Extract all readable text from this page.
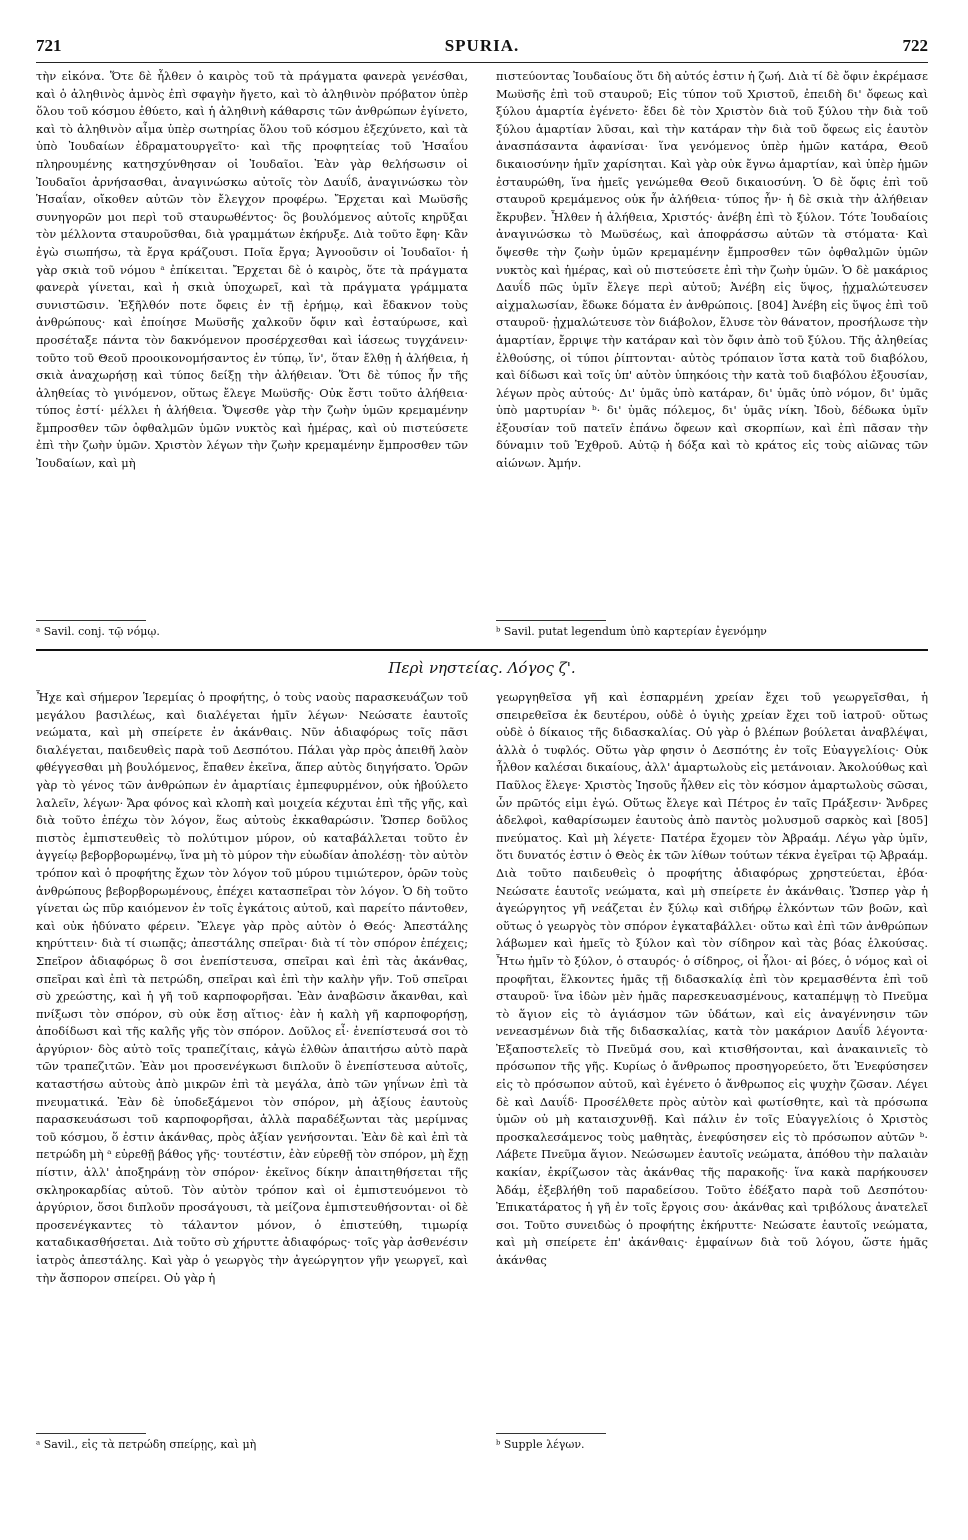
721	SPURIA.	722

τὴν εἰκόνα. Ὅτε δὲ ἦλθεν ὁ καιρὸς τοῦ τὰ πράγματα φανερὰ γενέσθαι, καὶ ὁ ἀληθινὸς ἀμνὸς ἐπὶ σφαγὴν ἤγετο, καὶ τὸ ἀληθινὸν πρόβατον ὑπὲρ ὅλου τοῦ κόσμου ἐθύετο, καὶ ἡ ἀληθινὴ κάθαρσις τῶν ἀνθρώπων ἐγίνετο, καὶ τὸ ἀληθινὸν αἷμα ὑπὲρ σωτηρίας ὅλου τοῦ κόσμου ἐξεχύνετο, καὶ τὰ ὑπὸ Ἰουδαίων ἐδραματουργεῖτο· καὶ τῆς προφητείας τοῦ Ἡσαΐου πληρουμένης κατησχύνθησαν οἱ Ἰουδαῖοι. Ἐὰν γὰρ θελήσωσιν οἱ Ἰουδαῖοι ἀρνήσασθαι, ἀναγινώσκω αὐτοῖς τὸν Δαυΐδ, ἀναγινώσκω τὸν Ἡσαΐαν, οἴκοθεν αὐτῶν τὸν ἔλεγχον προφέρω. Ἔρχεται καὶ Μωϋσῆς συνηγορῶν μοι περὶ τοῦ σταυρωθέντος· ὃς βουλόμενος αὐτοῖς κηρῦξαι τὸν μέλλοντα σταυροῦσθαι, διὰ γραμμάτων ἐκήρυξε. Διὰ τοῦτο ἔφη· Κἂν ἐγὼ σιωπήσω, τὰ ἔργα κράζουσι. Ποῖα ἔργα; Ἀγνοοῦσιν οἱ Ἰουδαῖοι· ἡ γὰρ σκιὰ τοῦ νόμου ᵃ ἐπίκειται. Ἔρχεται δὲ ὁ καιρὸς, ὅτε τὰ πράγματα φανερὰ γίνεται, καὶ ἡ σκιὰ ὑποχωρεῖ, καὶ τὰ πράγματα γράμματα συνιστῶσιν. Ἐξῆλθόν ποτε ὄφεις ἐν τῇ ἐρήμῳ, καὶ ἔδακνον τοὺς ἀνθρώπους· καὶ ἐποίησε Μωϋσῆς χαλκοῦν ὄφιν καὶ ἐσταύρωσε, καὶ προσέταξε πάντα τὸν δακνόμενον προσέρχεσθαι καὶ ἰάσεως τυγχάνειν· τοῦτο τοῦ Θεοῦ προοικονομήσαντος ἐν τύπῳ, ἵν', ὅταν ἔλθῃ ἡ ἀλήθεια, ἡ σκιὰ ἀναχωρήσῃ καὶ τύπος δείξῃ τὴν ἀλήθειαν. Ὅτι δὲ τύπος ἦν τῆς ἀληθείας τὸ γινόμενον, οὕτως ἔλεγε Μωϋσῆς· Οὐκ ἔστι τοῦτο ἀλήθεια· τύπος ἐστί· μέλλει ἡ ἀλήθεια. Ὄψεσθε γὰρ τὴν ζωὴν ὑμῶν κρεμαμένην ἔμπροσθεν τῶν ὀφθαλμῶν ὑμῶν νυκτὸς καὶ ἡμέρας, καὶ οὐ πιστεύσετε ἐπὶ τὴν ζωὴν ὑμῶν. Χριστὸν λέγων τὴν ζωὴν κρεμαμένην ἔμπροσθεν τῶν Ἰουδαίων, καὶ μὴ

ᵃ Savil. conj. τῷ νόμῳ.

πιστεύοντας Ἰουδαίους ὅτι δὴ αὐτός ἐστιν ἡ ζωή. Διὰ τί δὲ ὄφιν ἐκρέμασε Μωϋσῆς ἐπὶ τοῦ σταυροῦ; Εἰς τύπον τοῦ Χριστοῦ, ἐπειδὴ δι' ὄφεως καὶ ξύλου ἁμαρτία ἐγένετο· ἔδει δὲ τὸν Χριστὸν διὰ τοῦ ξύλου τὴν διὰ τοῦ ξύλου ἁμαρτίαν λῦσαι, καὶ τὴν κατάραν τὴν διὰ τοῦ ὄφεως εἰς ἑαυτὸν ἀνασπάσαντα ἀφανίσαι· ἵνα γενόμενος ὑπὲρ ἡμῶν κατάρα, Θεοῦ δικαιοσύνην ἡμῖν χαρίσηται. Καὶ γὰρ οὐκ ἔγνω ἁμαρτίαν, καὶ ὑπὲρ ἡμῶν ἐσταυρώθη, ἵνα ἡμεῖς γενώμεθα Θεοῦ δικαιοσύνη. Ὁ δὲ ὄφις ἐπὶ τοῦ σταυροῦ κρεμάμενος οὐκ ἦν ἀλήθεια· τύπος ἦν· ἡ δὲ σκιὰ τὴν ἀλήθειαν ἔκρυβεν. Ἦλθεν ἡ ἀλήθεια, Χριστός· ἀνέβη ἐπὶ τὸ ξύλον. Τότε Ἰουδαίοις ἀναγινώσκω τὸ Μωϋσέως, καὶ ἀποφράσσω αὐτῶν τὰ στόματα· Καὶ ὄψεσθε τὴν ζωὴν ὑμῶν κρεμαμένην ἔμπροσθεν τῶν ὀφθαλμῶν ὑμῶν νυκτὸς καὶ ἡμέρας, καὶ οὐ πιστεύσετε ἐπὶ τὴν ζωὴν ὑμῶν. Ὁ δὲ μακάριος Δαυΐδ πῶς ὑμῖν ἔλεγε περὶ αὐτοῦ; Ἀνέβη εἰς ὕψος, ᾐχμαλώτευσεν αἰχμαλωσίαν, ἔδωκε δόματα ἐν ἀνθρώποις. [804] Ἀνέβη εἰς ὕψος ἐπὶ τοῦ σταυροῦ· ᾐχμαλώτευσε τὸν διάβολον, ἔλυσε τὸν θάνατον, προσήλωσε τὴν ἁμαρτίαν, ἔρριψε τὴν κατάραν καὶ τὸν ὄφιν ἀπὸ τοῦ ξύλου. Τῆς ἀληθείας ἐλθούσης, οἱ τύποι ῥίπτονται· αὐτὸς τρόπαιον ἵστα κατὰ τοῦ διαβόλου, καὶ δίδωσι καὶ τοῖς ὑπ' αὐτὸν ὑπηκόοις τὴν κατὰ τοῦ διαβόλου ἐξουσίαν, λέγων πρὸς αὐτούς· Δι' ὑμᾶς ὑπὸ κατάραν, δι' ὑμᾶς ὑπὸ νόμον, δι' ὑμᾶς ὑπὸ μαρτυρίαν ᵇ· δι' ὑμᾶς πόλεμος, δι' ὑμᾶς νίκη. Ἰδοὺ, δέδωκα ὑμῖν ἐξουσίαν τοῦ πατεῖν ἐπάνω ὄφεων καὶ σκορπίων, καὶ ἐπὶ πᾶσαν τὴν δύναμιν τοῦ Ἐχθροῦ. Αὐτῷ ἡ δόξα καὶ τὸ κράτος εἰς τοὺς αἰῶνας τῶν αἰώνων. Ἀμήν.

ᵇ Savil. putat legendum ὑπὸ καρτερίαν ἐγενόμην

Περὶ νηστείας. Λόγος ζ'.

Ἦχε καὶ σήμερον Ἱερεμίας ὁ προφήτης, ὁ τοὺς ναοὺς παρασκευάζων τοῦ μεγάλου βασιλέως, καὶ διαλέγεται ἡμῖν λέγων· Νεώσατε ἑαυτοῖς νεώματα, καὶ μὴ σπείρετε ἐν ἀκάνθαις. Νῦν ἀδιαφόρως τοῖς πᾶσι διαλέγεται, παιδευθεὶς παρὰ τοῦ Δεσπότου. Πάλαι γὰρ πρὸς ἀπειθῆ λαὸν φθέγγεσθαι μὴ βουλόμενος, ἔπαθεν ἐκεῖνα, ἅπερ αὐτὸς διηγήσατο. Ὁρῶν γὰρ τὸ γένος τῶν ἀνθρώπων ἐν ἁμαρτίαις ἐμπεφυρμένον, οὐκ ἠβούλετο λαλεῖν, λέγων· Ἄρα φόνος καὶ κλοπὴ καὶ μοιχεία κέχυται ἐπὶ τῆς γῆς, καὶ διὰ τοῦτο ἐπέχω τὸν λόγον, ἕως αὐτοὺς ἐκκαθαρώσιν. Ὥσπερ δοῦλος πιστὸς ἐμπιστευθεὶς τὸ πολύτιμον μύρον, οὐ καταβάλλεται τοῦτο ἐν ἀγγείῳ βεβορβορωμένῳ, ἵνα μὴ τὸ μύρον τὴν εὐωδίαν ἀπολέσῃ· τὸν αὐτὸν τρόπον καὶ ὁ προφήτης ἔχων τὸν λόγον τοῦ μύρου τιμιώτερον, ὁρῶν τοὺς ἀνθρώπους βεβορβορωμένους, ἐπέχει κατασπεῖραι τὸν λόγον. Ὁ δὴ τοῦτο γίνεται ὡς πῦρ καιόμενον ἐν τοῖς ἐγκάτοις αὐτοῦ, καὶ παρείτο πάντοθεν, καὶ οὐκ ἠδύνατο φέρειν. Ἔλεγε γὰρ πρὸς αὐτὸν ὁ Θεός· Ἀπεστάλης κηρύττειν· διὰ τί σιωπᾷς; ἀπεστάλης σπεῖραι· διὰ τί τὸν σπόρον ἐπέχεις; Σπεῖρον ἀδιαφόρως ὃ σοι ἐνεπίστευσα, σπεῖραι καὶ ἐπὶ τὰς ἀκάνθας, σπεῖραι καὶ ἐπὶ τὰ πετρώδη, σπεῖραι καὶ ἐπὶ τὴν καλὴν γῆν. Τοῦ σπεῖραι σὺ χρεώστης, καὶ ἡ γῆ τοῦ καρποφορῆσαι. Ἐὰν ἀναβῶσιν ἄκανθαι, καὶ πνίξωσι τὸν σπόρον, σὺ οὐκ ἔσῃ αἴτιος· ἐὰν ἡ καλὴ γῆ καρποφορήσῃ, ἀποδίδωσι καὶ τῆς καλῆς γῆς τὸν σπόρον. Δοῦλος εἶ· ἐνεπίστευσά σοι τὸ ἀργύριον· δὸς αὐτὸ τοῖς τραπεζίταις, κἀγὼ ἐλθὼν ἀπαιτήσω αὐτὸ παρὰ τῶν τραπεζιτῶν. Ἐὰν μοι προσενέγκωσι διπλοῦν ὃ ἐνεπίστευσα αὐτοῖς, καταστήσω αὐτοὺς ἀπὸ μικρῶν ἐπὶ τὰ μεγάλα, ἀπὸ τῶν γηΐνων ἐπὶ τὰ πνευματικά. Ἐὰν δὲ ὑποδεξάμενοι τὸν σπόρον, μὴ ἀξίους ἑαυτοὺς παρασκευάσωσι τοῦ καρποφορῆσαι, ἀλλὰ παραδέξωνται τὰς μερίμνας τοῦ κόσμου, ὅ ἐστιν ἀκάνθας, πρὸς ἀξίαν γενήσονται. Ἐὰν δὲ καὶ ἐπὶ τὰ πετρώδη μὴ ᵃ εὑρεθῇ βάθος γῆς· τουτέστιν, ἐὰν εὑρεθῇ τὸν σπόρον, μὴ ἔχῃ πίστιν, ἀλλ' ἀποξηράνῃ τὸν σπόρον· ἐκεῖνος δίκην ἀπαιτηθήσεται τῆς σκληροκαρδίας αὐτοῦ. Τὸν αὐτὸν τρόπον καὶ οἱ ἐμπιστευόμενοι τὸ ἀργύριον, ὅσοι διπλοῦν προσάγουσι, τὰ μείζονα ἐμπιστευθήσονται· οἱ δὲ προσενέγκαντες τὸ τάλαντον μόνον, ὁ ἐπιστεύθη, τιμωρίᾳ καταδικασθήσεται. Διὰ τοῦτο σὺ χήρυττε ἀδιαφόρως· τοῖς γὰρ ἀσθενέσιν ἰατρὸς ἀπεστάλης. Καὶ γὰρ ὁ γεωργὸς τὴν ἀγεώργητον γῆν γεωργεῖ, καὶ τὴν ἄσπορον σπείρει. Οὐ γὰρ ἡ

ᵃ Savil., εἰς τὰ πετρώδη σπείρῃς, καὶ μὴ

γεωργηθεῖσα γῆ καὶ ἐσπαρμένη χρείαν ἔχει τοῦ γεωργεῖσθαι, ἡ σπειρεθεῖσα ἐκ δευτέρου, οὐδὲ ὁ ὑγιὴς χρείαν ἔχει τοῦ ἰατροῦ· οὕτως οὐδὲ ὁ δίκαιος τῆς διδασκαλίας. Οὐ γὰρ ὁ βλέπων βούλεται ἀναβλέψαι, ἀλλὰ ὁ τυφλός. Οὕτω γὰρ φησιν ὁ Δεσπότης ἐν τοῖς Εὐαγγελίοις· Οὐκ ἦλθον καλέσαι δικαίους, ἀλλ' ἁμαρτωλοὺς εἰς μετάνοιαν. Ἀκολούθως καὶ Παῦλος ἔλεγε· Χριστὸς Ἰησοῦς ἦλθεν εἰς τὸν κόσμον ἁμαρτωλοὺς σῶσαι, ὧν πρῶτός εἰμι ἐγώ. Οὕτως ἔλεγε καὶ Πέτρος ἐν ταῖς Πράξεσιν· Ἄνδρες ἀδελφοὶ, καθαρίσωμεν ἑαυτοὺς ἀπὸ παντὸς μολυσμοῦ σαρκὸς καὶ [805] πνεύματος. Καὶ μὴ λέγετε· Πατέρα ἔχομεν τὸν Ἀβραάμ. Λέγω γὰρ ὑμῖν, ὅτι δυνατός ἐστιν ὁ Θεὸς ἐκ τῶν λίθων τούτων τέκνα ἐγεῖραι τῷ Ἀβραάμ. Διὰ τοῦτο παιδευθεὶς ὁ προφήτης ἀδιαφόρως χρηστεύεται, ἐβόα· Νεώσατε ἑαυτοῖς νεώματα, καὶ μὴ σπείρετε ἐν ἀκάνθαις. Ὥσπερ γὰρ ἡ ἀγεώργητος γῆ νεάζεται ἐν ξύλῳ καὶ σιδήρῳ ἑλκόντων τῶν βοῶν, καὶ οὕτως ὁ γεωργὸς τὸν σπόρον ἐγκαταβάλλει· οὕτω καὶ ἐπὶ τῶν ἀνθρώπων λάβωμεν καὶ ἡμεῖς τὸ ξύλον καὶ τὸν σίδηρον καὶ τὰς βόας ἑλκούσας. Ἦτω ἡμῖν τὸ ξύλον, ὁ σταυρός· ὁ σίδηρος, οἱ ἧλοι· αἱ βόες, ὁ νόμος καὶ οἱ προφῆται, ἕλκοντες ἡμᾶς τῇ διδασκαλίᾳ ἐπὶ τὸν κρεμασθέντα ἐπὶ τοῦ σταυροῦ· ἵνα ἰδὼν μὲν ἡμᾶς παρεσκευασμένους, καταπέμψῃ τὸ Πνεῦμα τὸ ἅγιον εἰς τὸ ἁγιάσμον τῶν ὑδάτων, καὶ εἰς ἀναγέννησιν τῶν νενεασμένων διὰ τῆς διδασκαλίας, κατὰ τὸν μακάριον Δαυΐδ λέγοντα· Ἐξαποστελεῖς τὸ Πνεῦμά σου, καὶ κτισθήσονται, καὶ ἀνακαινιεῖς τὸ πρόσωπον τῆς γῆς. Κυρίως ὁ ἄνθρωπος προσηγορεύετο, ὅτι Ἐνεφύσησεν εἰς τὸ πρόσωπον αὐτοῦ, καὶ ἐγένετο ὁ ἄνθρωπος εἰς ψυχὴν ζῶσαν. Λέγει δὲ καὶ Δαυΐδ· Προσέλθετε πρὸς αὐτὸν καὶ φωτίσθητε, καὶ τὰ πρόσωπα ὑμῶν οὐ μὴ καταισχυνθῇ. Καὶ πάλιν ἐν τοῖς Εὐαγγελίοις ὁ Χριστὸς προσκαλεσάμενος τοὺς μαθητὰς, ἐνεφύσησεν εἰς τὸ πρόσωπον αὐτῶν ᵇ· Λάβετε Πνεῦμα ἅγιον. Νεώσωμεν ἑαυτοῖς νεώματα, ἀπόθου τὴν παλαιὰν κακίαν, ἐκρίζωσον τὰς ἀκάνθας τῆς παρακοῆς· ἵνα κακὰ παρήκουσεν Ἀδάμ, ἐξεβλήθη τοῦ παραδείσου. Τοῦτο ἐδέξατο παρὰ τοῦ Δεσπότου· Ἐπικατάρατος ἡ γῆ ἐν τοῖς ἔργοις σου· ἀκάνθας καὶ τριβόλους ἀνατελεῖ σοι. Τοῦτο συνειδὼς ὁ προφήτης ἐκήρυττε· Νεώσατε ἑαυτοῖς νεώματα, καὶ μὴ σπείρετε ἐπ' ἀκάνθαις· ἐμφαίνων διὰ τοῦ λόγου, ὥστε ἡμᾶς ἀκάνθας

ᵇ Supple λέγων.
